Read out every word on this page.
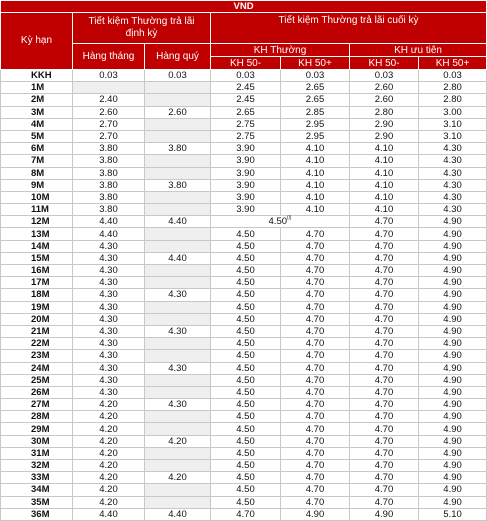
VND						
Kỳ hạn	Tiết kiệm Thường trả lãi định kỳ		Tiết kiệm Thường trả lãi cuối kỳ			
	Hàng tháng	Hàng quý	KH Thường		KH ưu tiên	
			KH 50-	KH 50+	KH 50-	KH 50+
KKH	0.03	0.03	0.03	0.03	0.03	0.03
1M			2.45	2.65	2.60	2.80
2M	2.40		2.45	2.65	2.60	2.80
3M	2.60	2.60	2.65	2.85	2.80	3.00
4M	2.70		2.75	2.95	2.90	3.10
5M	2.70		2.75	2.95	2.90	3.10
6M	3.80	3.80	3.90	4.10	4.10	4.30
7M	3.80		3.90	4.10	4.10	4.30
8M	3.80		3.90	4.10	4.10	4.30
9M	3.80	3.80	3.90	4.10	4.10	4.30
10M	3.80		3.90	4.10	4.10	4.30
11M	3.80		3.90	4.10	4.10	4.30
12M	4.40	4.40	4.50$^{(i)}$		4.70	4.90
13M	4.40		4.50	4.70	4.70	4.90
14M	4.30		4.50	4.70	4.70	4.90
15M	4.30	4.40	4.50	4.70	4.70	4.90
16M	4.30		4.50	4.70	4.70	4.90
17M	4.30		4.50	4.70	4.70	4.90
18M	4.30	4.30	4.50	4.70	4.70	4.90
19M	4.30		4.50	4.70	4.70	4.90
20M	4.30		4.50	4.70	4.70	4.90
21M	4.30	4.30	4.50	4.70	4.70	4.90
22M	4.30		4.50	4.70	4.70	4.90
23M	4.30		4.50	4.70	4.70	4.90
24M	4.30	4.30	4.50	4.70	4.70	4.90
25M	4.30		4.50	4.70	4.70	4.90
26M	4.30		4.50	4.70	4.70	4.90
27M	4.20	4.30	4.50	4.70	4.70	4.90
28M	4.20		4.50	4.70	4.70	4.90
29M	4.20		4.50	4.70	4.70	4.90
30M	4.20	4.20	4.50	4.70	4.70	4.90
31M	4.20		4.50	4.70	4.70	4.90
32M	4.20		4.50	4.70	4.70	4.90
33M	4.20	4.20	4.50	4.70	4.70	4.90
34M	4.20		4.50	4.70	4.70	4.90
35M	4.20		4.50	4.70	4.70	4.90
36M	4.40	4.40	4.70	4.90	4.90	5.10
